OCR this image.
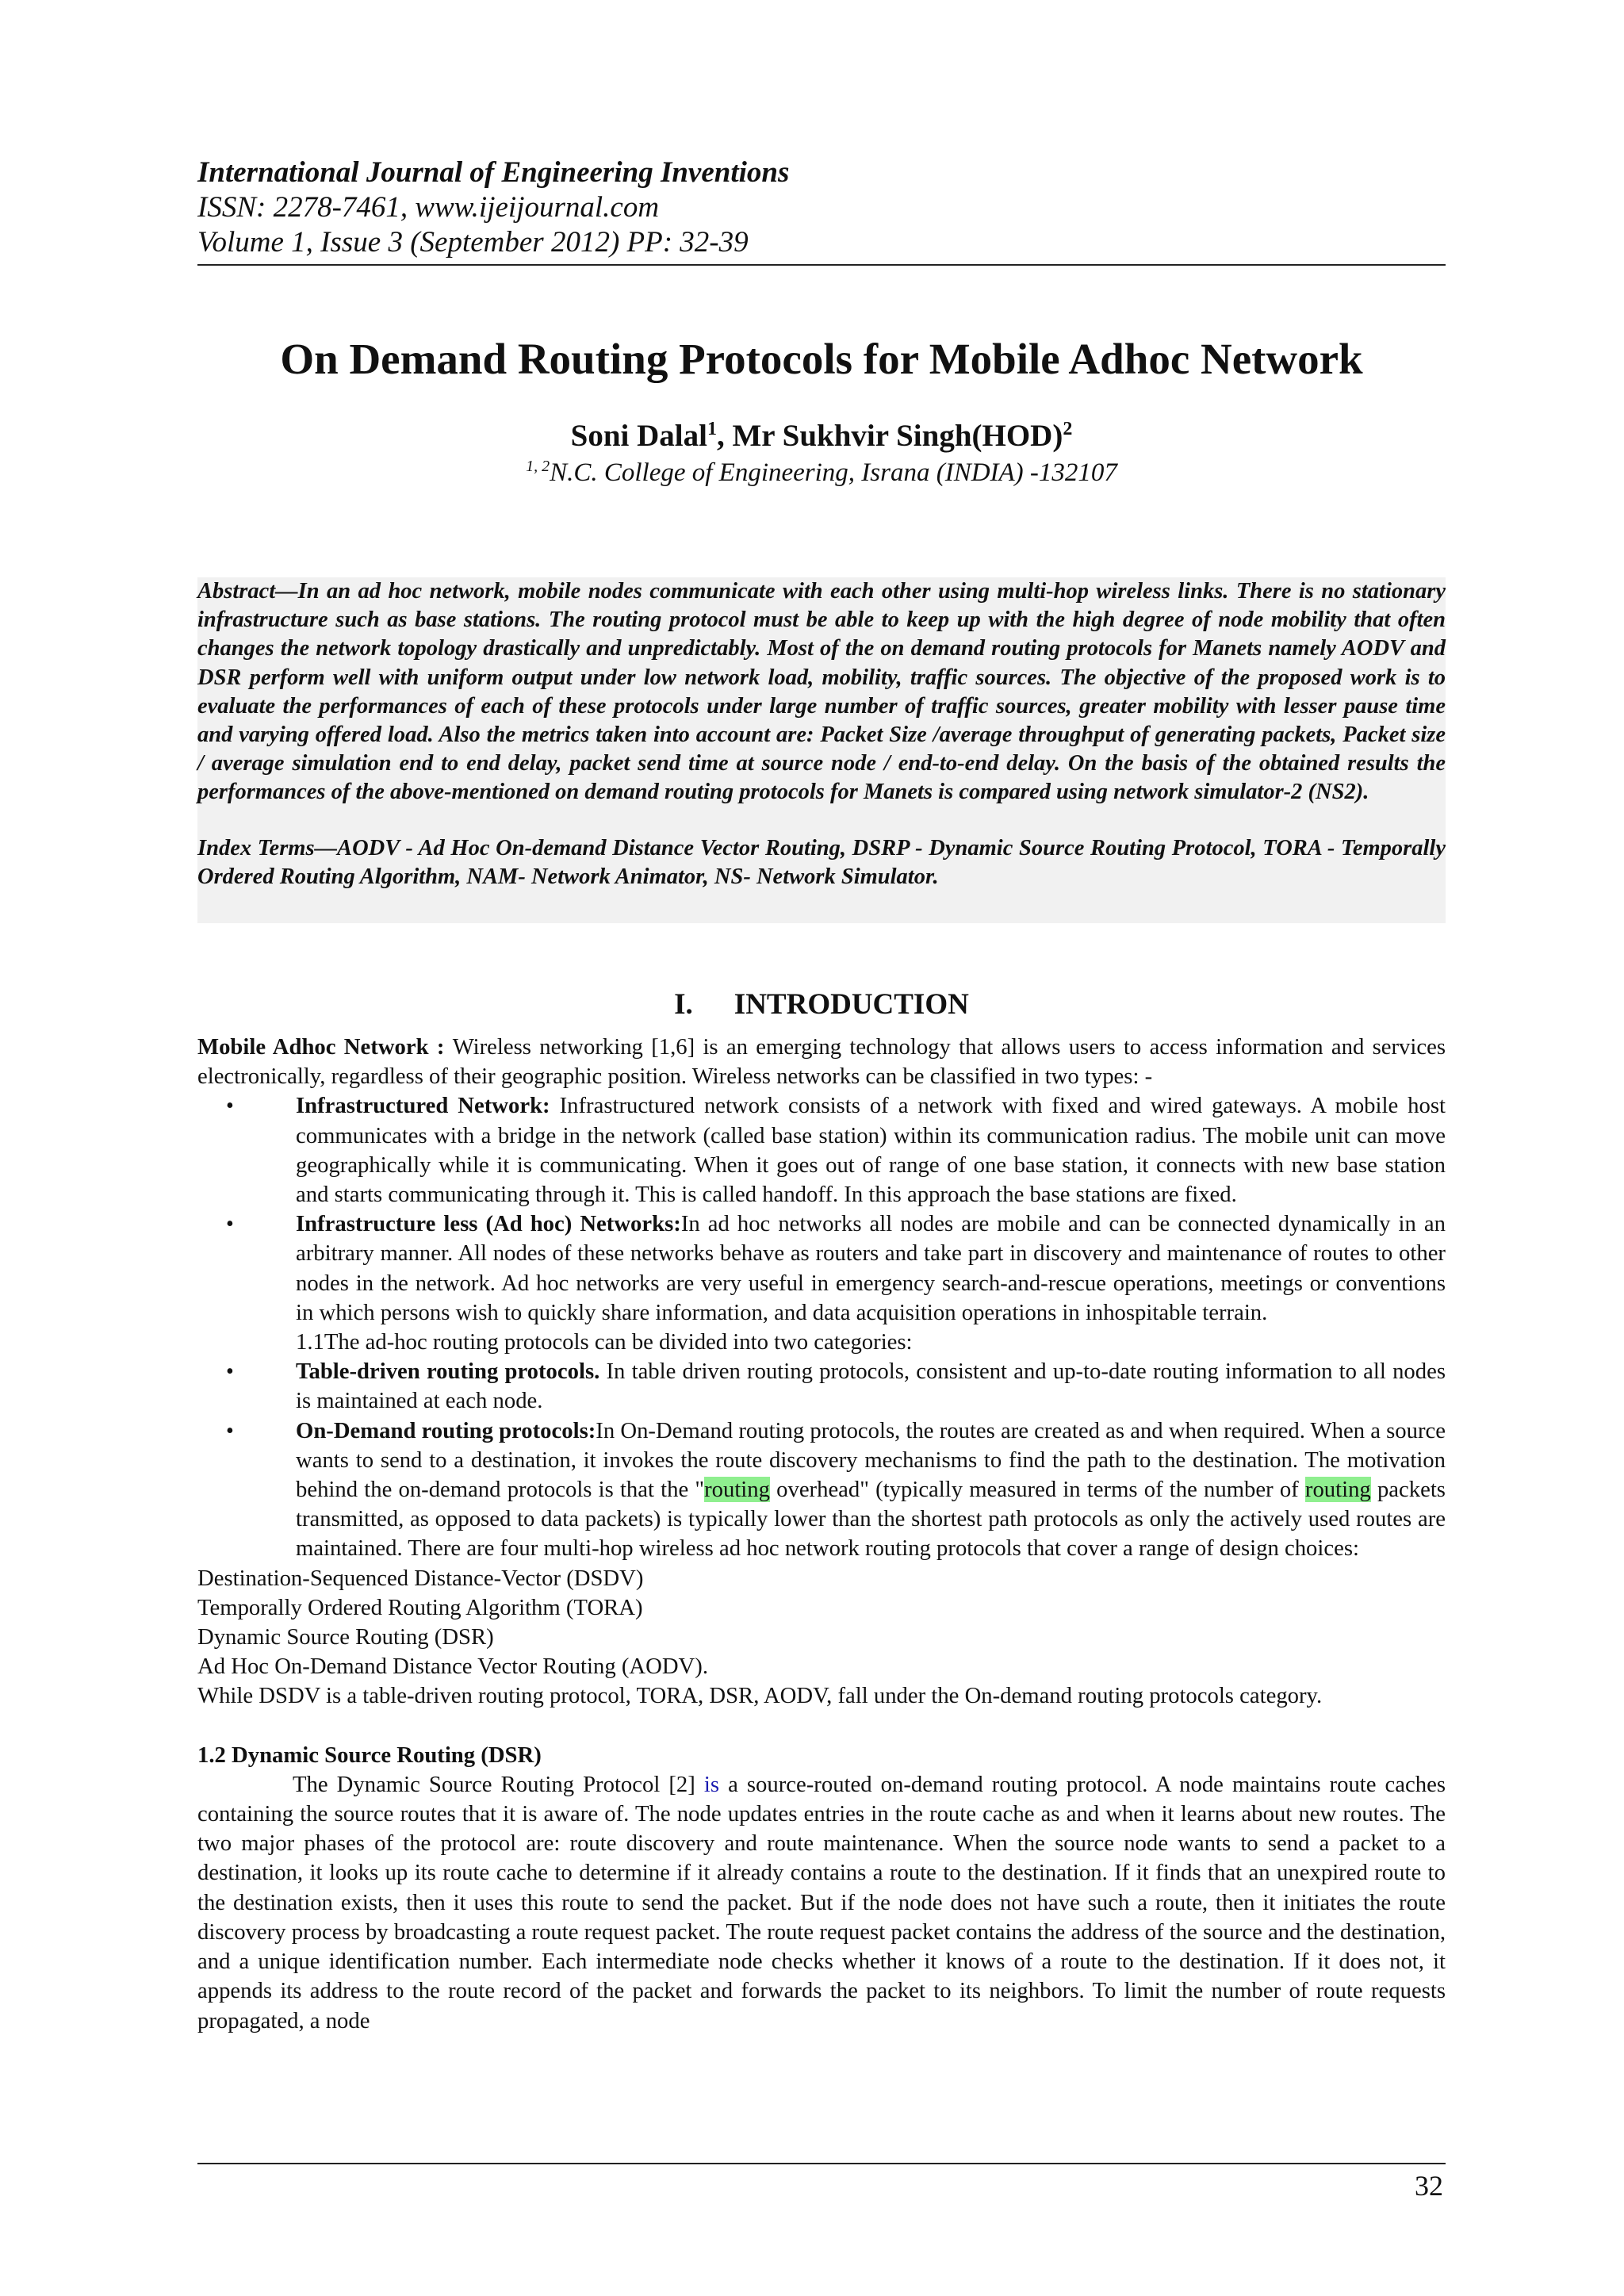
International Journal of Engineering Inventions
ISSN: 2278-7461, www.ijeijournal.com
Volume 1, Issue 3 (September 2012) PP: 32-39
On Demand Routing Protocols for Mobile Adhoc Network
Soni Dalal$^1$, Mr Sukhvir Singh(HOD)$^2$
$^{1, 2}$N.C. College of Engineering, Israna (INDIA) -132107

Abstract—In an ad hoc network, mobile nodes communicate with each other using multi-hop wireless links. There is no stationary infrastructure such as base stations. The routing protocol must be able to keep up with the high degree of node mobility that often changes the network topology drastically and unpredictably. Most of the on demand routing protocols for Manets namely AODV and DSR perform well with uniform output under low network load, mobility, traffic sources. The objective of the proposed work is to evaluate the performances of each of these protocols under large number of traffic sources, greater mobility with lesser pause time and varying offered load. Also the metrics taken into account are: Packet Size /average throughput of generating packets, Packet size / average simulation end to end delay, packet send time at source node / end-to-end delay. On the basis of the obtained results the performances of the above-mentioned on demand routing protocols for Manets is compared using network simulator-2 (NS2).

Index Terms—AODV - Ad Hoc On-demand Distance Vector Routing, DSRP - Dynamic Source Routing Protocol, TORA - Temporally Ordered Routing Algorithm, NAM- Network Animator, NS- Network Simulator.

I. INTRODUCTION

Mobile Adhoc Network : Wireless networking [1,6] is an emerging technology that allows users to access information and services electronically, regardless of their geographic position. Wireless networks can be classified in two types: -

•	Infrastructured Network: Infrastructured network consists of a network with fixed and wired gateways. A mobile host communicates with a bridge in the network (called base station) within its communication radius. The mobile unit can move geographically while it is communicating. When it goes out of range of one base station, it connects with new base station and starts communicating through it. This is called handoff. In this approach the base stations are fixed.
•	Infrastructure less (Ad hoc) Networks:In ad hoc networks all nodes are mobile and can be connected dynamically in an arbitrary manner. All nodes of these networks behave as routers and take part in discovery and maintenance of routes to other nodes in the network. Ad hoc networks are very useful in emergency search-and-rescue operations, meetings or conventions in which persons wish to quickly share information, and data acquisition operations in inhospitable terrain.
1.1The ad-hoc routing protocols can be divided into two categories:
•	Table-driven routing protocols. In table driven routing protocols, consistent and up-to-date routing information to all nodes is maintained at each node.
•	On-Demand routing protocols:In On-Demand routing protocols, the routes are created as and when required. When a source wants to send to a destination, it invokes the route discovery mechanisms to find the path to the destination. The motivation behind the on-demand protocols is that the "routing overhead" (typically measured in terms of the number of routing packets transmitted, as opposed to data packets) is typically lower than the shortest path protocols as only the actively used routes are maintained. There are four multi-hop wireless ad hoc network routing protocols that cover a range of design choices:
Destination-Sequenced Distance-Vector (DSDV)
Temporally Ordered Routing Algorithm (TORA)
Dynamic Source Routing (DSR)
Ad Hoc On-Demand Distance Vector Routing (AODV).

While DSDV is a table-driven routing protocol, TORA, DSR, AODV, fall under the On-demand routing protocols category.

1.2 Dynamic Source Routing (DSR)

The Dynamic Source Routing Protocol [2] is a source-routed on-demand routing protocol. A node maintains route caches containing the source routes that it is aware of. The node updates entries in the route cache as and when it learns about new routes. The two major phases of the protocol are: route discovery and route maintenance. When the source node wants to send a packet to a destination, it looks up its route cache to determine if it already contains a route to the destination. If it finds that an unexpired route to the destination exists, then it uses this route to send the packet. But if the node does not have such a route, then it initiates the route discovery process by broadcasting a route request packet. The route request packet contains the address of the source and the destination, and a unique identification number. Each intermediate node checks whether it knows of a route to the destination. If it does not, it appends its address to the route record of the packet and forwards the packet to its neighbors. To limit the number of route requests propagated, a node

32
